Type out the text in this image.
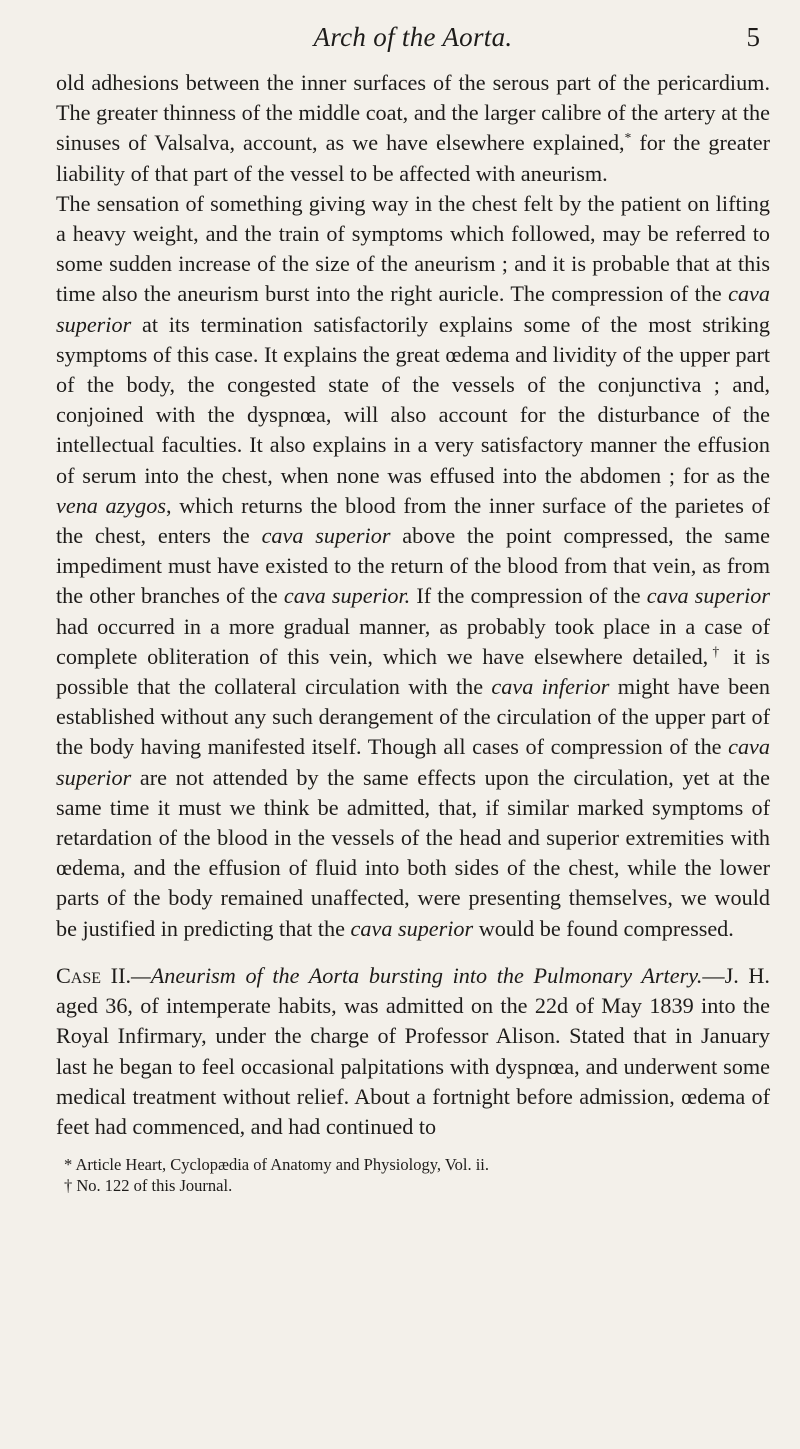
Arch of the Aorta.	5

old adhesions between the inner surfaces of the serous part of the pericardium. The greater thinness of the middle coat, and the larger calibre of the artery at the sinuses of Valsalva, account, as we have elsewhere explained,* for the greater liability of that part of the vessel to be affected with aneurism.

The sensation of something giving way in the chest felt by the patient on lifting a heavy weight, and the train of symptoms which followed, may be referred to some sudden increase of the size of the aneurism ; and it is probable that at this time also the aneurism burst into the right auricle. The compression of the cava superior at its termination satisfactorily explains some of the most striking symptoms of this case. It explains the great œdema and lividity of the upper part of the body, the congested state of the vessels of the conjunctiva ; and, conjoined with the dyspnœa, will also account for the disturbance of the intellectual faculties. It also explains in a very satisfactory manner the effusion of serum into the chest, when none was effused into the abdomen ; for as the vena azygos, which returns the blood from the inner surface of the parietes of the chest, enters the cava superior above the point compressed, the same impediment must have existed to the return of the blood from that vein, as from the other branches of the cava superior. If the compression of the cava superior had occurred in a more gradual manner, as probably took place in a case of complete obliteration of this vein, which we have elsewhere detailed,† it is possible that the collateral circulation with the cava inferior might have been established without any such derangement of the circulation of the upper part of the body having manifested itself. Though all cases of compression of the cava superior are not attended by the same effects upon the circulation, yet at the same time it must we think be admitted, that, if similar marked symptoms of retardation of the blood in the vessels of the head and superior extremities with œdema, and the effusion of fluid into both sides of the chest, while the lower parts of the body remained unaffected, were presenting themselves, we would be justified in predicting that the cava superior would be found compressed.

Case II.—Aneurism of the Aorta bursting into the Pulmonary Artery.—J. H. aged 36, of intemperate habits, was admitted on the 22d of May 1839 into the Royal Infirmary, under the charge of Professor Alison. Stated that in January last he began to feel occasional palpitations with dyspnœa, and underwent some medical treatment without relief. About a fortnight before admission, œdema of feet had commenced, and had continued to

* Article Heart, Cyclopædia of Anatomy and Physiology, Vol. ii.

† No. 122 of this Journal.
